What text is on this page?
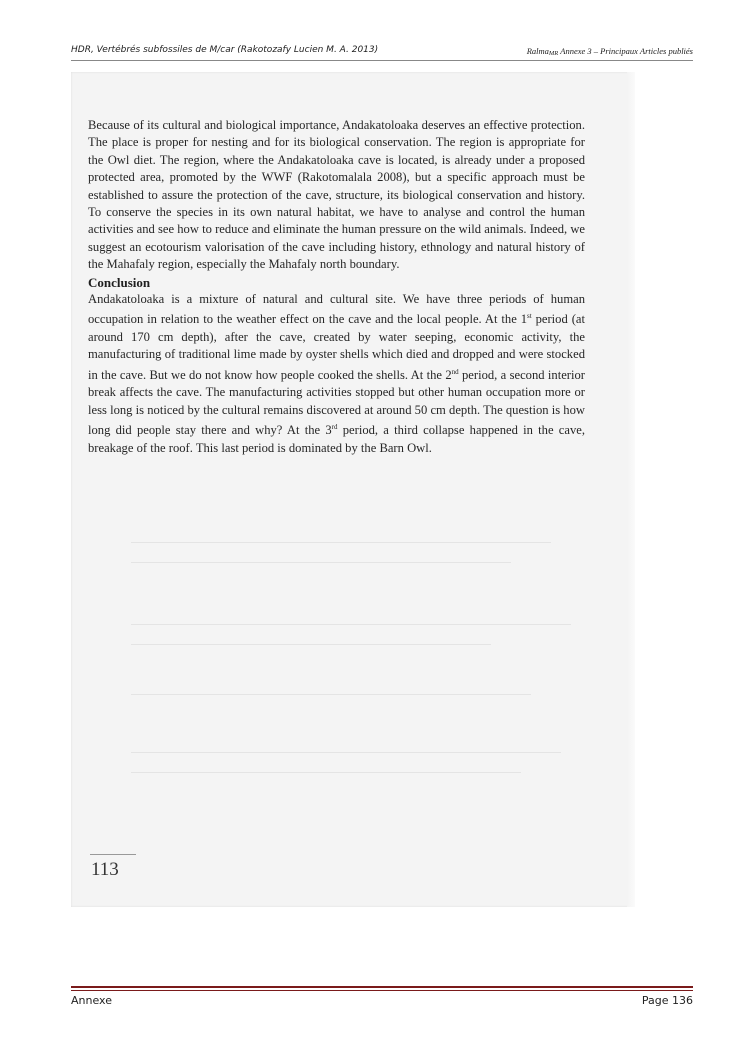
HDR, Vertébrés subfossiles de M/car (Rakotozafy Lucien M. A. 2013)	RalmaMR Annexe 3 – Principaux Articles publiés

Because of its cultural and biological importance, Andakatoloaka deserves an effective protection. The place is proper for nesting and for its biological conservation. The region is appropriate for the Owl diet. The region, where the Andakatoloaka cave is located, is already under a proposed protected area, promoted by the WWF (Rakotomalala 2008), but a specific approach must be established to assure the protection of the cave, structure, its biological conservation and history. To conserve the species in its own natural habitat, we have to analyse and control the human activities and see how to reduce and eliminate the human pressure on the wild animals. Indeed, we suggest an ecotourism valorisation of the cave including history, ethnology and natural history of the Mahafaly region, especially the Mahafaly north boundary.

Conclusion

Andakatoloaka is a mixture of natural and cultural site. We have three periods of human occupation in relation to the weather effect on the cave and the local people. At the 1st period (at around 170 cm depth), after the cave, created by water seeping, economic activity, the manufacturing of traditional lime made by oyster shells which died and dropped and were stocked in the cave. But we do not know how people cooked the shells. At the 2nd period, a second interior break affects the cave. The manufacturing activities stopped but other human occupation more or less long is noticed by the cultural remains discovered at around 50 cm depth. The question is how long did people stay there and why? At the 3rd period, a third collapse happened in the cave, breakage of the roof. This last period is dominated by the Barn Owl.

113
Annexe	Page 136
